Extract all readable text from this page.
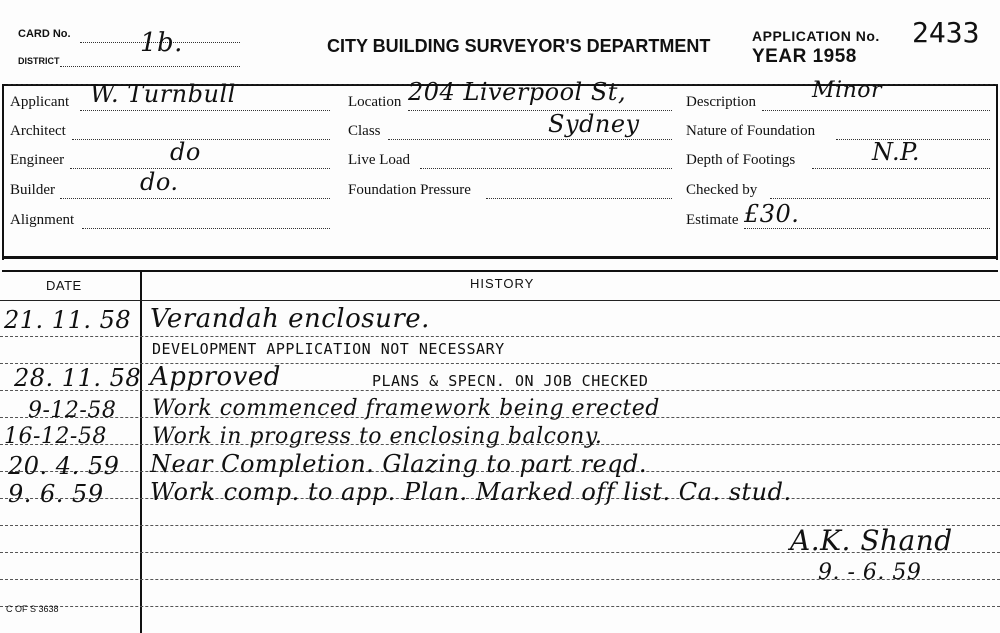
CARD No.
DISTRICT
1b.	CITY BUILDING SURVEYOR'S DEPARTMENT	APPLICATION No. 2433
YEAR 1958
Applicant W. Turnbull
Architect
Engineer	do
Builder	do.
Alignment
Location 204 Liverpool St,
Class	Sydney
Live Load
Foundation Pressure
Description	Minor
Nature of Foundation
Depth of Footings	N.P.
Checked by
Estimate £30.
DATE	HISTORY
21. 11. 58 Verandah enclosure.
DEVELOPMENT APPLICATION NOT NECESSARY
28. 11. 58 Approved	PLANS & SPECN. ON JOB CHECKED
9-12-58 Work commenced framework being erected
16-12-58 Work in progress to enclosing balcony.
20. 4. 59 Near Completion. Glazing to part reqd.
9. 6. 59 Work comp. to app. Plan. Marked off list. Ca. stud.
A.K. Shand
9. - 6. 59
C OF S 3638
